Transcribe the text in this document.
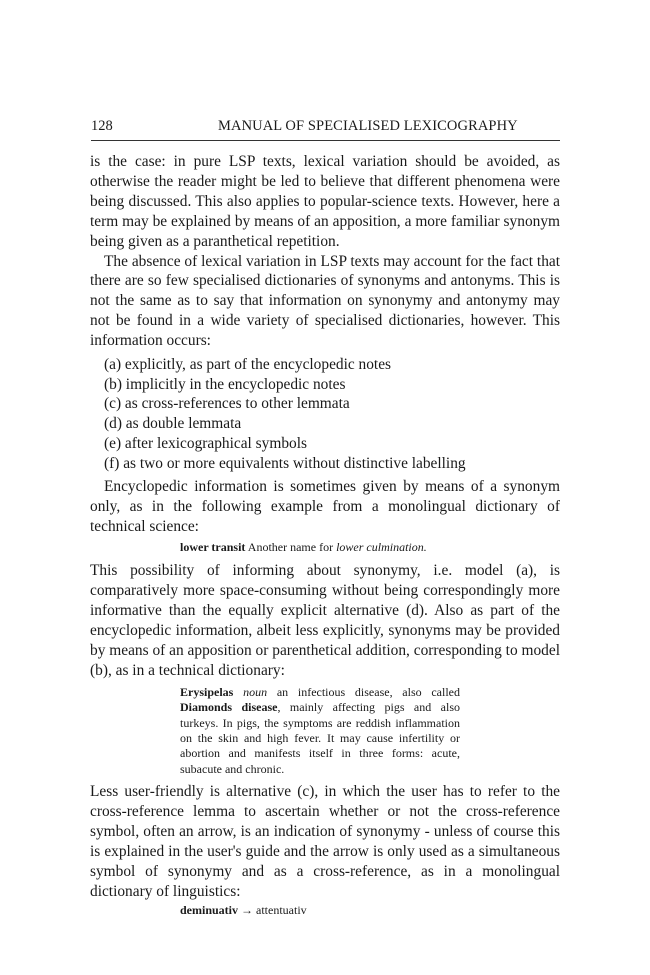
128	MANUAL OF SPECIALISED LEXICOGRAPHY

is the case: in pure LSP texts, lexical variation should be avoided, as otherwise the reader might be led to believe that different phenomena were being discussed. This also applies to popular-science texts. However, here a term may be explained by means of an apposition, a more familiar synonym being given as a paranthetical repetition.

The absence of lexical variation in LSP texts may account for the fact that there are so few specialised dictionaries of synonyms and antonyms. This is not the same as to say that information on synonymy and antonymy may not be found in a wide variety of specialised dictionaries, however. This information occurs:

(a) explicitly, as part of the encyclopedic notes
(b) implicitly in the encyclopedic notes
(c) as cross-references to other lemmata
(d) as double lemmata
(e) after lexicographical symbols
(f) as two or more equivalents without distinctive labelling

Encyclopedic information is sometimes given by means of a synonym only, as in the following example from a monolingual dictionary of technical science:

lower transit Another name for lower culmination.

This possibility of informing about synonymy, i.e. model (a), is comparatively more space-consuming without being correspondingly more informative than the equally explicit alternative (d). Also as part of the encyclopedic information, albeit less explicitly, synonyms may be provided by means of an apposition or parenthetical addition, corresponding to model (b), as in a technical dictionary:

Erysipelas noun an infectious disease, also called Diamonds disease, mainly affecting pigs and also turkeys. In pigs, the symptoms are reddish inflammation on the skin and high fever. It may cause infertility or abortion and manifests itself in three forms: acute, subacute and chronic.

Less user-friendly is alternative (c), in which the user has to refer to the cross-reference lemma to ascertain whether or not the cross-reference symbol, often an arrow, is an indication of synonymy - unless of course this is explained in the user's guide and the arrow is only used as a simultaneous symbol of synonymy and as a cross-reference, as in a monolingual dictionary of linguistics:

deminuativ → attentuativ
